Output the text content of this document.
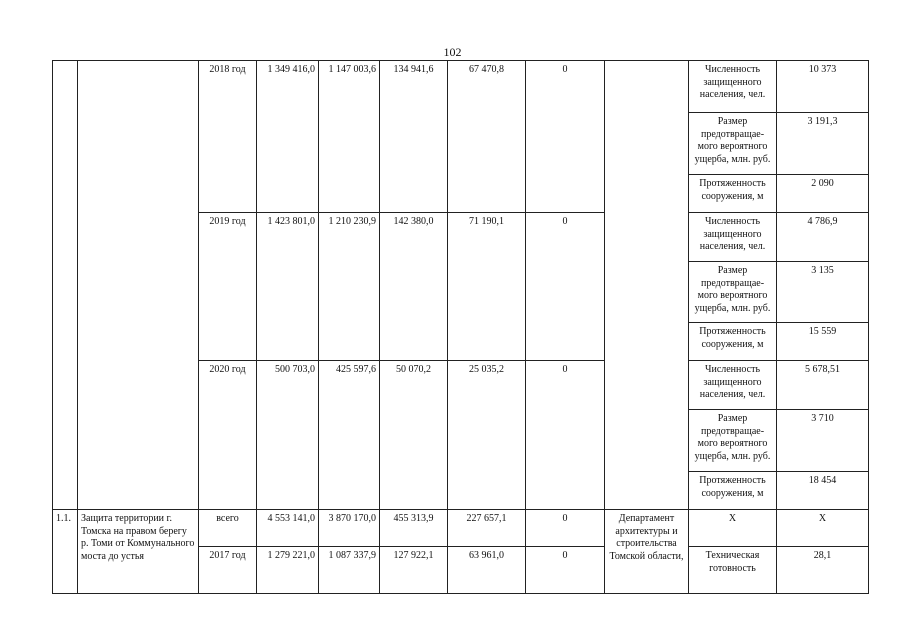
102
		2018 год	1 349 416,0	1 147 003,6	134 941,6	67 470,8	0		Численность защищенного населения, чел.	10 373
									Размер предотвращае-мого вероятного ущерба, млн. руб.	3 191,3
									Протяженность сооружения, м	2 090
		2019 год	1 423 801,0	1 210 230,9	142 380,0	71 190,1	0		Численность защищенного населения, чел.	4 786,9
									Размер предотвращае-мого вероятного ущерба, млн. руб.	3 135
									Протяженность сооружения, м	15 559
		2020 год	500 703,0	425 597,6	50 070,2	25 035,2	0		Численность защищенного населения, чел.	5 678,51
									Размер предотвращае-мого вероятного ущерба, млн. руб.	3 710
									Протяженность сооружения, м	18 454
1.1.	Защита территории г. Томска на правом берегу р. Томи от Коммунального моста до устья	всего	4 553 141,0	3 870 170,0	455 313,9	227 657,1	0	Департамент архитектуры и строительства Томской области,	Х	Х
		2017 год	1 279 221,0	1 087 337,9	127 922,1	63 961,0	0		Техническая готовность	28,1
